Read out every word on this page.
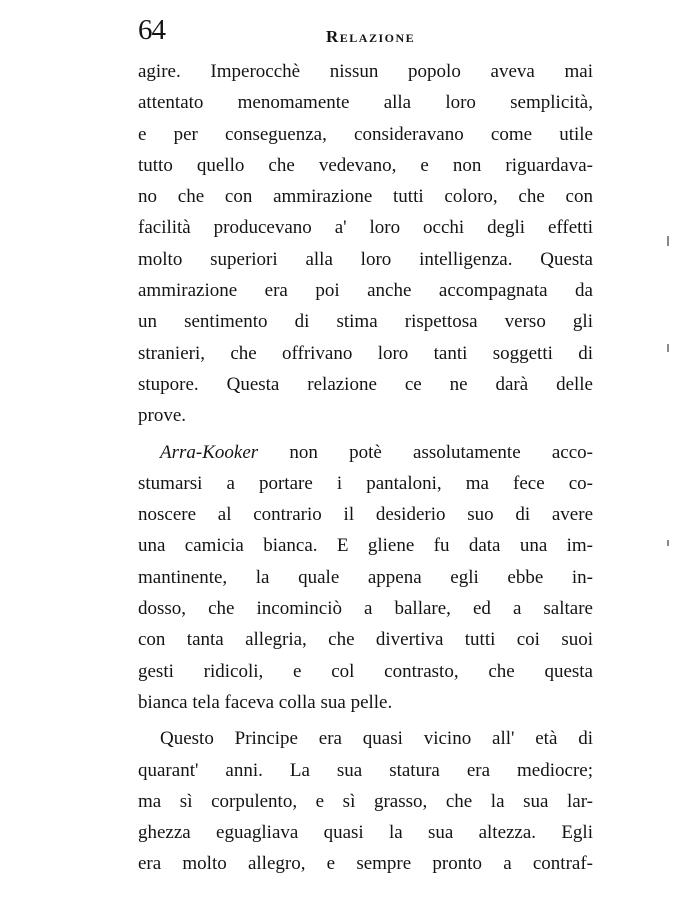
64	Relazione
agire. Imperocchè nissun popolo aveva mai
attentato menomamente alla loro semplicità,
e per conseguenza, consideravano come utile
tutto quello che vedevano, e non riguardava-
no che con ammirazione tutti coloro, che con
facilità producevano a' loro occhi degli effetti
molto superiori alla loro intelligenza. Questa
ammirazione era poi anche accompagnata da
un sentimento di stima rispettosa verso gli
stranieri, che offrivano loro tanti soggetti di
stupore. Questa relazione ce ne darà delle
prove.
Arra-Kooker non potè assolutamente acco-
stumarsi a portare i pantaloni, ma fece co-
noscere al contrario il desiderio suo di avere
una camicia bianca. E gliene fu data una im-
mantinente, la quale appena egli ebbe in-
dosso, che incominciò a ballare, ed a saltare
con tanta allegria, che divertiva tutti coi suoi
gesti ridicoli, e col contrasto, che questa
bianca tela faceva colla sua pelle.
Questo Principe era quasi vicino all' età di
quarant' anni. La sua statura era mediocre;
ma sì corpulento, e sì grasso, che la sua lar-
ghezza eguagliava quasi la sua altezza. Egli
era molto allegro, e sempre pronto a contraf-
